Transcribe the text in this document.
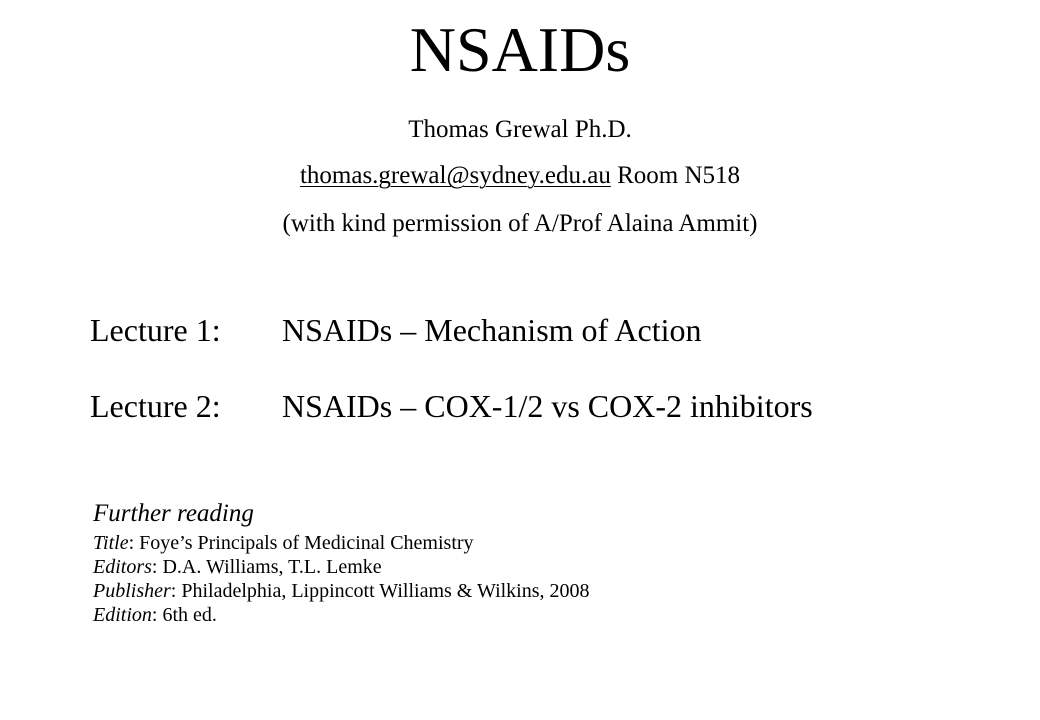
NSAIDs
Thomas Grewal Ph.D.
thomas.grewal@sydney.edu.au Room N518
(with kind permission of A/Prof Alaina Ammit)
Lecture 1: NSAIDs – Mechanism of Action
Lecture 2: NSAIDs – COX-1/2 vs COX-2 inhibitors
Further reading
Title: Foye’s Principals of Medicinal Chemistry
Editors: D.A. Williams, T.L. Lemke
Publisher: Philadelphia, Lippincott Williams & Wilkins, 2008
Edition: 6th ed.
